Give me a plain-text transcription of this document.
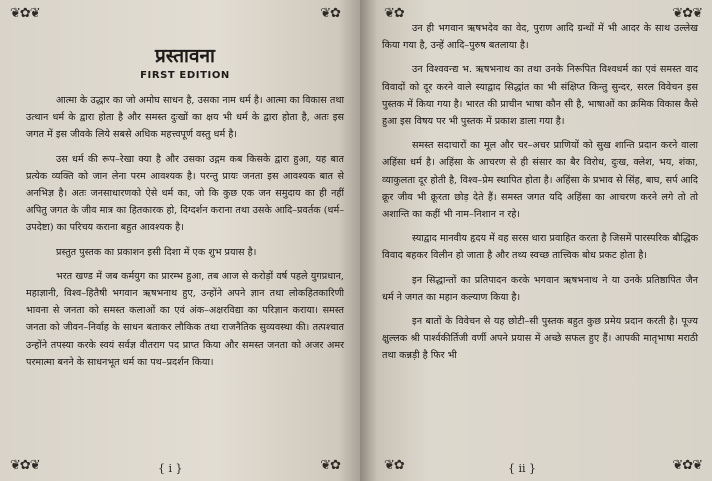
❦✿❦	❦✿
❦✿❦	❦✿
प्रस्तावना
FIRST EDITION

आत्मा के उद्धार का जो अमोघ साधन है, उसका नाम धर्म है। आत्मा का विकास तथा उत्थान धर्म के द्वारा होता है और समस्त दुःखों का क्षय भी धर्म के द्वारा होता है, अतः इस जगत में इस जीवके लिये सबसे अधिक महत्त्वपूर्ण वस्तु धर्म है।

उस धर्म की रूप–रेखा क्या है और उसका उद्गम कब किसके द्वारा हुआ, यह बात प्रत्येक व्यक्ति को जान लेना परम आवश्यक है। परन्तु प्रायः जनता इस आवश्यक बात से अनभिज्ञ है। अतः जनसाधारणको ऐसे धर्म का, जो कि कुछ एक जन समुदाय का ही नहीं अपितु जगत के जीव मात्र का हितकारक हो, दिग्दर्शन कराना तथा उसके आदि–प्रवर्तक (धर्म–उपदेष्टा) का परिचय कराना बहुत आवश्यक है।

प्रस्तुत पुस्तक का प्रकाशन इसी दिशा में एक शुभ प्रयास है।

भरत खण्ड में जब कर्मयुग का प्रारम्भ हुआ, तब आज से करोड़ों वर्ष पहले युगप्रधान, महाज्ञानी, विश्व–हितैषी भगवान ऋषभनाथ हुए, उन्होंने अपने ज्ञान तथा लोकहितकारिणी भावना से जनता को समस्त कलाओं का एवं अंक–अक्षरविद्या का परिज्ञान कराया। समस्त जनता को जीवन–निर्वाह के साधन बताकर लौकिक तथा राजनैतिक सुव्यवस्था की। तत्पश्चात उन्होंने तपस्या करके स्वयं सर्वज्ञ वीतराग पद प्राप्त किया और समस्त जनता को अजर अमर परमात्मा बनने के साधनभूत धर्म का पथ–प्रदर्शन किया।

{ i }
❦✿	❦✿❦
❦✿	❦✿❦

उन ही भगवान ऋषभदेव का वेद, पुराण आदि ग्रन्थों में भी आदर के साथ उल्लेख किया गया है, उन्हें आदि–पुरुष बतलाया है।

उन विश्ववन्द्य भ. ऋषभनाथ का तथा उनके निरूपित विश्वधर्म का एवं समस्त वाद विवादों को दूर करने वाले स्याद्वाद सिद्धांत का भी संक्षिप्त किन्तु सुन्दर, सरल विवेचन इस पुस्तक में किया गया है। भारत की प्राचीन भाषा कौन सी है, भाषाओं का क्रमिक विकास कैसे हुआ इस विषय पर भी पुस्तक में प्रकाश डाला गया है।

समस्त सदाचारों का मूल और चर–अचर प्राणियों को सुख शान्ति प्रदान करने वाला अहिंसा धर्म है। अहिंसा के आचरण से ही संसार का बैर विरोध, दुःख, क्लेश, भय, शंका, व्याकुलता दूर होती है, विश्व–प्रेम स्थापित होता है। अहिंसा के प्रभाव से सिंह, बाघ, सर्प आदि क्रूर जीव भी क्रूरता छोड़ देते हैं। समस्त जगत यदि अहिंसा का आचरण करने लगे तो तो अशान्ति का कहीं भी नाम–निशान न रहे।

स्याद्वाद मानवीय हृदय में वह सरस धारा प्रवाहित करता है जिसमें पारस्परिक बौद्धिक विवाद बहकर विलीन हो जाता है और तथ्य स्वच्छ तात्त्विक बोध प्रकट होता है।

इन सिद्धान्तों का प्रतिपादन करके भगवान ऋषभनाथ ने या उनके प्रतिष्ठापित जैन धर्म ने जगत का महान कल्याण किया है।

इन बातों के विवेचन से यह छोटी–सी पुस्तक बहुत कुछ प्रमेय प्रदान करती है। पूज्य क्षुल्लक श्री पार्श्वकीर्तिजी वर्णी अपने प्रयास में अच्छे सफल हुए हैं। आपकी मातृभाषा मराठी तथा कन्नड़ी है फिर भी

{ ii }
